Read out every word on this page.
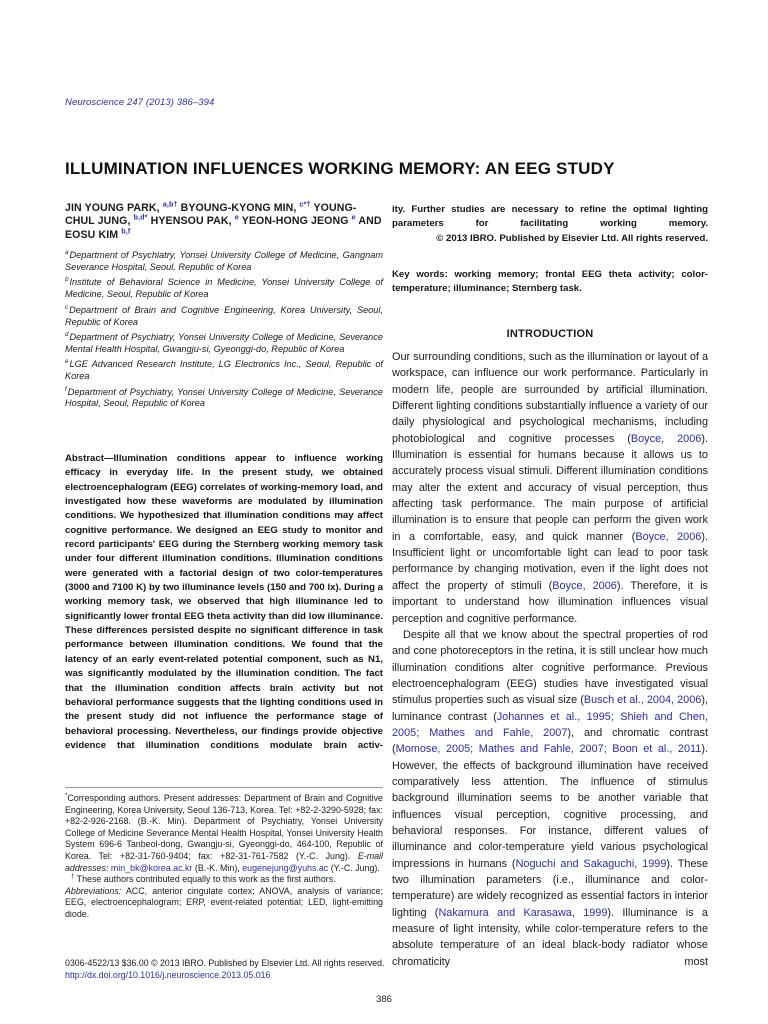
Neuroscience 247 (2013) 386–394
ILLUMINATION INFLUENCES WORKING MEMORY: AN EEG STUDY
JIN YOUNG PARK, $^{a,b\dagger}$ BYOUNG-KYONG MIN, $^{c*\dagger}$ YOUNG-CHUL JUNG, $^{b,d*}$ HYENSOU PAK, $^e$ YEON-HONG JEONG $^e$ AND EOSU KIM $^{b,f}$

$^a$Department of Psychiatry, Yonsei University College of Medicine, Gangnam Severance Hospital, Seoul, Republic of Korea

$^b$Institute of Behavioral Science in Medicine, Yonsei University College of Medicine, Seoul, Republic of Korea

$^c$Department of Brain and Cognitive Engineering, Korea University, Seoul, Republic of Korea

$^d$Department of Psychiatry, Yonsei University College of Medicine, Severance Mental Health Hospital, Gwangju-si, Gyeonggi-do, Republic of Korea

$^e$LGE Advanced Research Institute, LG Electronics Inc., Seoul, Republic of Korea

$^f$Department of Psychiatry, Yonsei University College of Medicine, Severance Hospital, Seoul, Republic of Korea

Abstract—Illumination conditions appear to influence working efficacy in everyday life. In the present study, we obtained electroencephalogram (EEG) correlates of working-memory load, and investigated how these waveforms are modulated by illumination conditions. We hypothesized that illumination conditions may affect cognitive performance. We designed an EEG study to monitor and record participants' EEG during the Sternberg working memory task under four different illumination conditions. Illumination conditions were generated with a factorial design of two color-temperatures (3000 and 7100 K) by two illuminance levels (150 and 700 lx). During a working memory task, we observed that high illuminance led to significantly lower frontal EEG theta activity than did low illuminance. These differences persisted despite no significant difference in task performance between illumination conditions. We found that the latency of an early event-related potential component, such as N1, was significantly modulated by the illumination condition. The fact that the illumination condition affects brain activity but not behavioral performance suggests that the lighting conditions used in the present study did not influence the performance stage of behavioral processing. Nevertheless, our findings provide objective evidence that illumination conditions modulate brain activ-
ity. Further studies are necessary to refine the optimal lighting parameters for facilitating working memory.
© 2013 IBRO. Published by Elsevier Ltd. All rights reserved.
Key words: working memory; frontal EEG theta activity; color-temperature; illuminance; Sternberg task.
INTRODUCTION

Our surrounding conditions, such as the illumination or layout of a workspace, can influence our work performance. Particularly in modern life, people are surrounded by artificial illumination. Different lighting conditions substantially influence a variety of our daily physiological and psychological mechanisms, including photobiological and cognitive processes (Boyce, 2006). Illumination is essential for humans because it allows us to accurately process visual stimuli. Different illumination conditions may alter the extent and accuracy of visual perception, thus affecting task performance. The main purpose of artificial illumination is to ensure that people can perform the given work in a comfortable, easy, and quick manner (Boyce, 2006). Insufficient light or uncomfortable light can lead to poor task performance by changing motivation, even if the light does not affect the property of stimuli (Boyce, 2006). Therefore, it is important to understand how illumination influences visual perception and cognitive performance.

Despite all that we know about the spectral properties of rod and cone photoreceptors in the retina, it is still unclear how much illumination conditions alter cognitive performance. Previous electroencephalogram (EEG) studies have investigated visual stimulus properties such as visual size (Busch et al., 2004, 2006), luminance contrast (Johannes et al., 1995; Shieh and Chen, 2005; Mathes and Fahle, 2007), and chromatic contrast (Momose, 2005; Mathes and Fahle, 2007; Boon et al., 2011). However, the effects of background illumination have received comparatively less attention. The influence of stimulus background illumination seems to be another variable that influences visual perception, cognitive processing, and behavioral responses. For instance, different values of illuminance and color-temperature yield various psychological impressions in humans (Noguchi and Sakaguchi, 1999). These two illumination parameters (i.e., illuminance and color-temperature) are widely recognized as essential factors in interior lighting (Nakamura and Karasawa, 1999). Illuminance is a measure of light intensity, while color-temperature refers to the absolute temperature of an ideal black-body radiator whose chromaticity most

*Corresponding authors. Present addresses: Department of Brain and Cognitive Engineering, Korea University, Seoul 136-713, Korea. Tel: +82-2-3290-5928; fax: +82-2-926-2168. (B.-K. Min). Department of Psychiatry, Yonsei University College of Medicine Severance Mental Health Hospital, Yonsei University Health System 696-6 Tanbeol-dong, Gwangju-si, Gyeonggi-do, 464-100, Republic of Korea. Tel: +82-31-760-9404; fax: +82-31-761-7582 (Y.-C. Jung). E-mail addresses: min_bk@korea.ac.kr (B.-K. Min), eugenejung@yuhs.ac (Y.-C. Jung).

† These authors contributed equally to this work as the first authors.

Abbreviations: ACC, anterior cingulate cortex; ANOVA, analysis of variance; EEG, electroencephalogram; ERP, event-related potential; LED, light-emitting diode.

0306-4522/13 $36.00 © 2013 IBRO. Published by Elsevier Ltd. All rights reserved.
http://dx.doi.org/10.1016/j.neuroscience.2013.05.016
386
